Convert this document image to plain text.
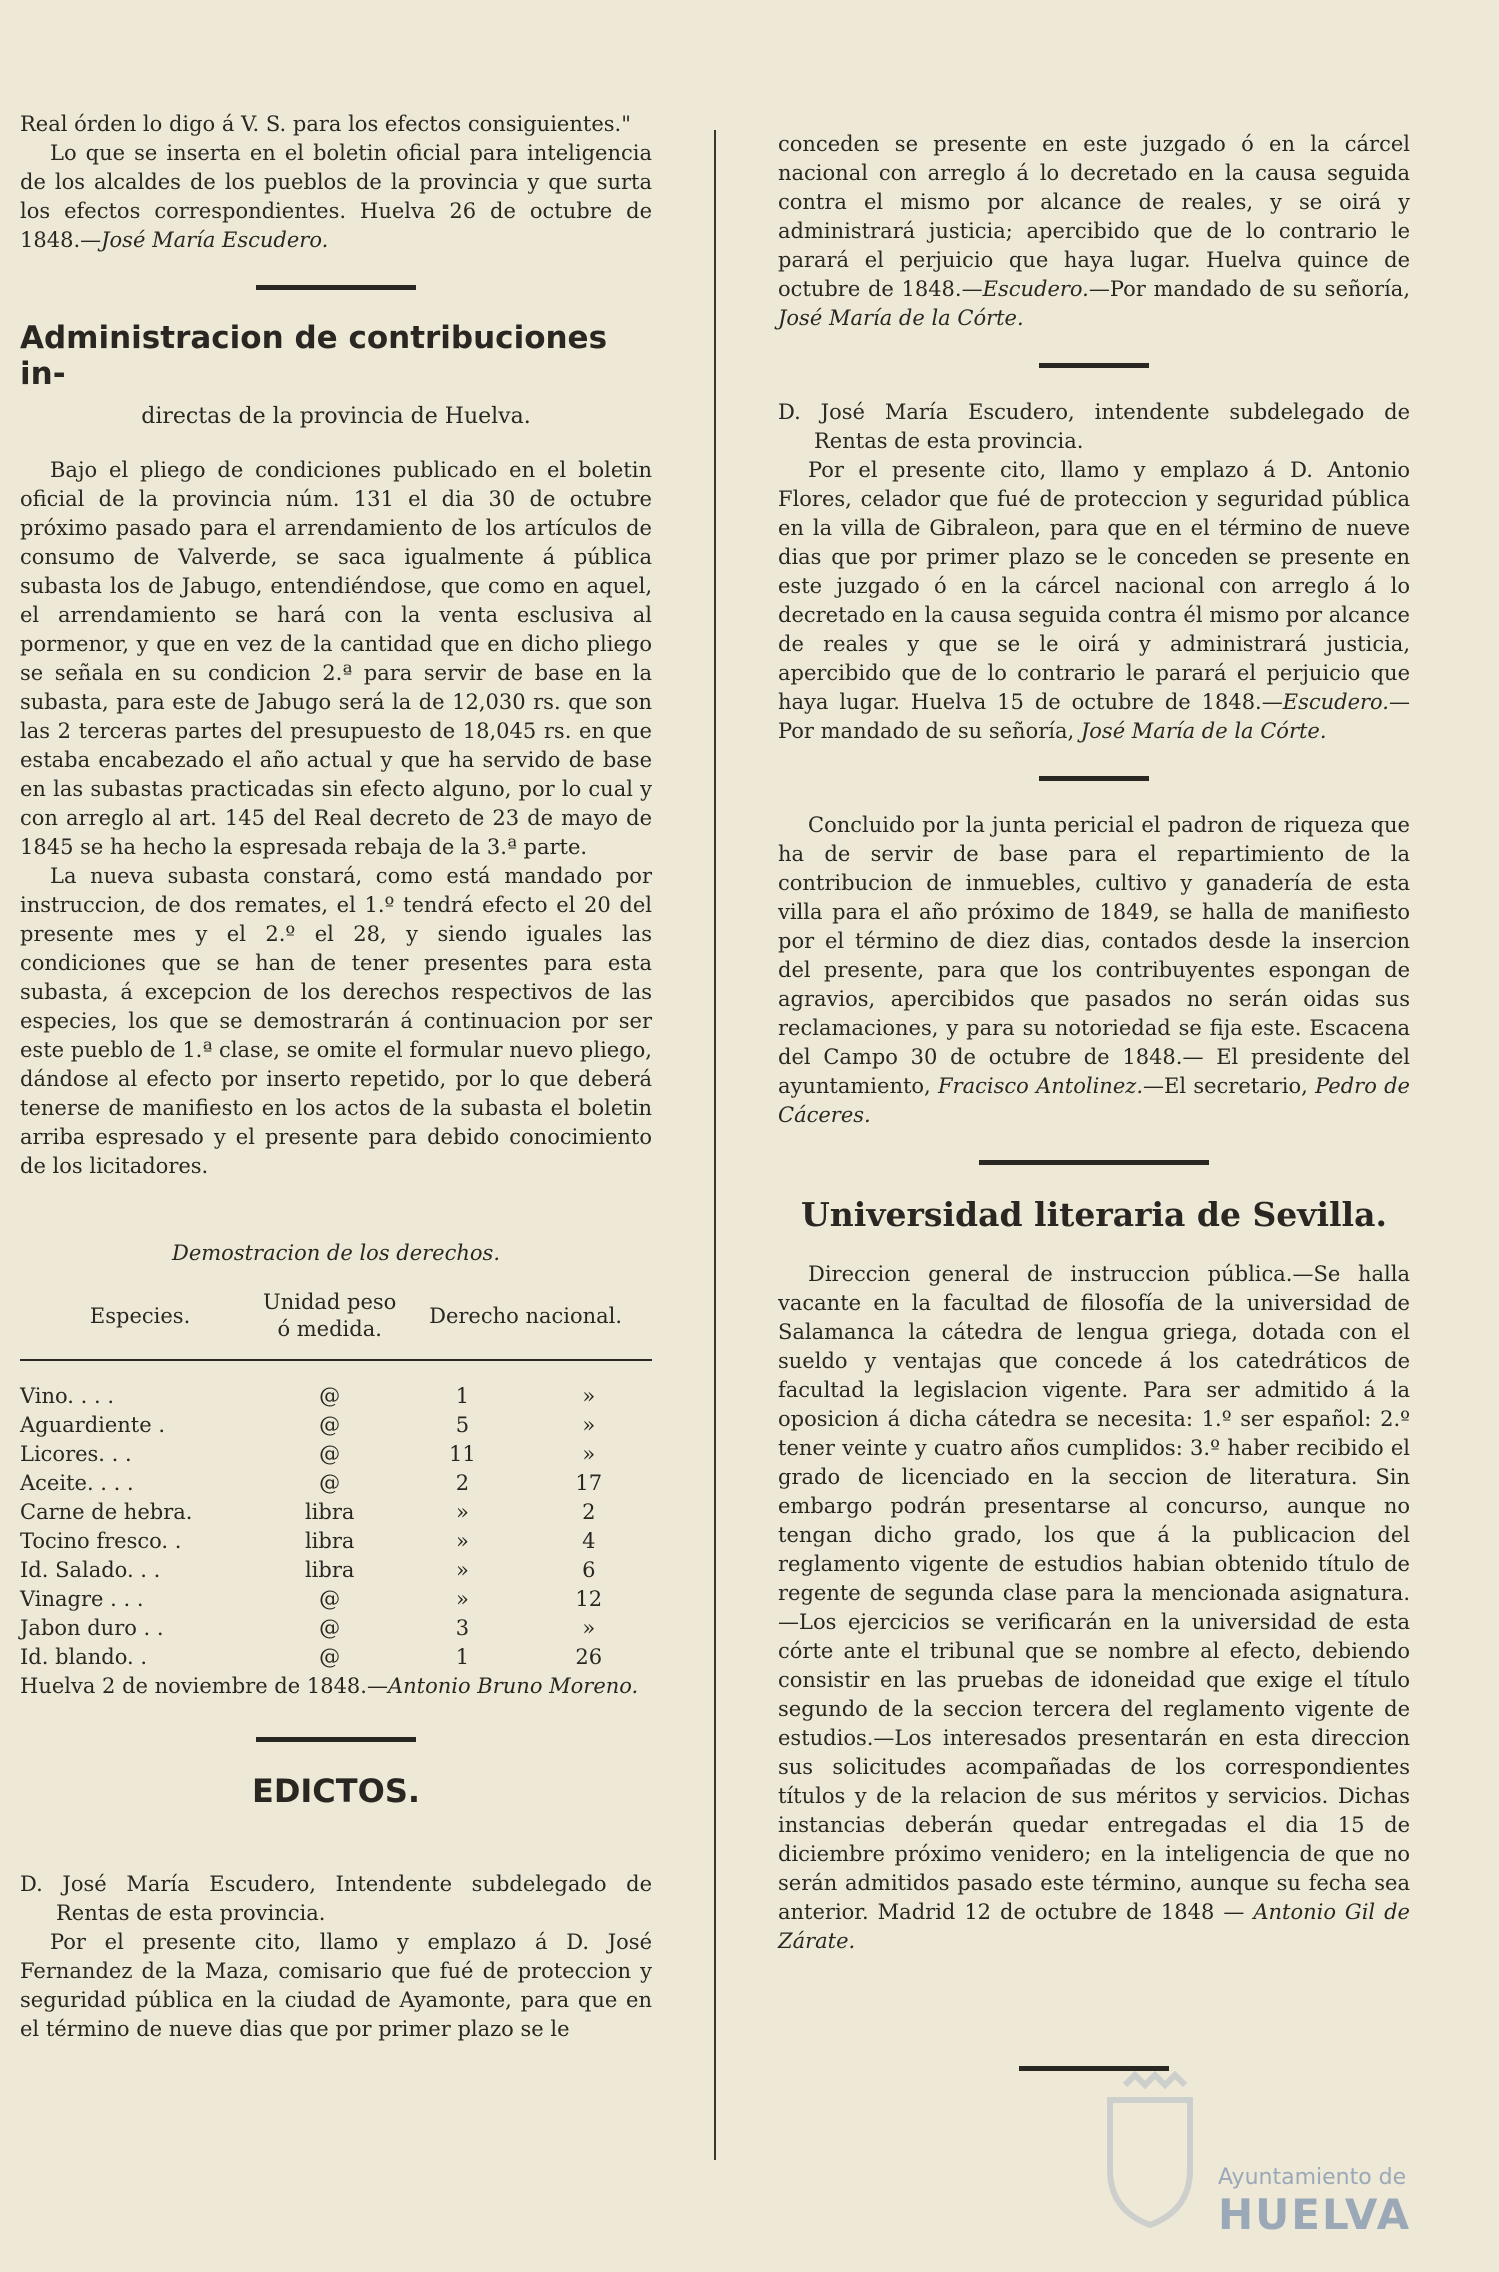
Real órden lo digo á V. S. para los efectos consiguientes."

Lo que se inserta en el boletin oficial para inteligencia de los alcaldes de los pueblos de la provincia y que surta los efectos correspondientes. Huelva 26 de octubre de 1848.—José María Escudero.

Administracion de contribuciones in-
directas de la provincia de Huelva.

Bajo el pliego de condiciones publicado en el boletin oficial de la provincia núm. 131 el dia 30 de octubre próximo pasado para el arrendamiento de los artículos de consumo de Valverde, se saca igualmente á pública subasta los de Jabugo, entendiéndose, que como en aquel, el arrendamiento se hará con la venta esclusiva al pormenor, y que en vez de la cantidad que en dicho pliego se señala en su condicion 2.ª para servir de base en la subasta, para este de Jabugo será la de 12,030 rs. que son las 2 terceras partes del presupuesto de 18,045 rs. en que estaba encabezado el año actual y que ha servido de base en las subastas practicadas sin efecto alguno, por lo cual y con arreglo al art. 145 del Real decreto de 23 de mayo de 1845 se ha hecho la espresada rebaja de la 3.ª parte.

La nueva subasta constará, como está mandado por instruccion, de dos remates, el 1.º tendrá efecto el 20 del presente mes y el 2.º el 28, y siendo iguales las condiciones que se han de tener presentes para esta subasta, á excepcion de los derechos respectivos de las especies, los que se demostrarán á continuacion por ser este pueblo de 1.ª clase, se omite el formular nuevo pliego, dándose al efecto por inserto repetido, por lo que deberá tenerse de manifiesto en los actos de la subasta el boletin arriba espresado y el presente para debido conocimiento de los licitadores.

Demostracion de los derechos.
Especies.	Unidad peso ó medida.	Derecho nacional.	

Vino. . . .	@	1	»
Aguardiente .	@	5	»
Licores. . .	@	11	»
Aceite. . . .	@	2	17
Carne de hebra.	libra	»	2
Tocino fresco. .	libra	»	4
Id. Salado. . .	libra	»	6
Vinagre . . .	@	»	12
Jabon duro . .	@	3	»
Id. blando. .	@	1	26

Huelva 2 de noviembre de 1848.—Antonio Bruno Moreno.

EDICTOS.

D. José María Escudero, Intendente subdelegado de Rentas de esta provincia.

Por el presente cito, llamo y emplazo á D. José Fernandez de la Maza, comisario que fué de proteccion y seguridad pública en la ciudad de Ayamonte, para que en el término de nueve dias que por primer plazo se le

conceden se presente en este juzgado ó en la cárcel nacional con arreglo á lo decretado en la causa seguida contra el mismo por alcance de reales, y se oirá y administrará justicia; apercibido que de lo contrario le parará el perjuicio que haya lugar. Huelva quince de octubre de 1848.—Escudero.—Por mandado de su señoría, José María de la Córte.

D. José María Escudero, intendente subdelegado de Rentas de esta provincia.

Por el presente cito, llamo y emplazo á D. Antonio Flores, celador que fué de proteccion y seguridad pública en la villa de Gibraleon, para que en el término de nueve dias que por primer plazo se le conceden se presente en este juzgado ó en la cárcel nacional con arreglo á lo decretado en la causa seguida contra él mismo por alcance de reales y que se le oirá y administrará justicia, apercibido que de lo contrario le parará el perjuicio que haya lugar. Huelva 15 de octubre de 1848.—Escudero.—Por mandado de su señoría, José María de la Córte.

Concluido por la junta pericial el padron de riqueza que ha de servir de base para el repartimiento de la contribucion de inmuebles, cultivo y ganadería de esta villa para el año próximo de 1849, se halla de manifiesto por el término de diez dias, contados desde la insercion del presente, para que los contribuyentes espongan de agravios, apercibidos que pasados no serán oidas sus reclamaciones, y para su notoriedad se fija este. Escacena del Campo 30 de octubre de 1848.— El presidente del ayuntamiento, Fracisco Antolinez.—El secretario, Pedro de Cáceres.

Universidad literaria de Sevilla.

Direccion general de instruccion pública.—Se halla vacante en la facultad de filosofía de la universidad de Salamanca la cátedra de lengua griega, dotada con el sueldo y ventajas que concede á los catedráticos de facultad la legislacion vigente. Para ser admitido á la oposicion á dicha cátedra se necesita: 1.º ser español: 2.º tener veinte y cuatro años cumplidos: 3.º haber recibido el grado de licenciado en la seccion de literatura. Sin embargo podrán presentarse al concurso, aunque no tengan dicho grado, los que á la publicacion del reglamento vigente de estudios habian obtenido título de regente de segunda clase para la mencionada asignatura.—Los ejercicios se verificarán en la universidad de esta córte ante el tribunal que se nombre al efecto, debiendo consistir en las pruebas de idoneidad que exige el título segundo de la seccion tercera del reglamento vigente de estudios.—Los interesados presentarán en esta direccion sus solicitudes acompañadas de los correspondientes títulos y de la relacion de sus méritos y servicios. Dichas instancias deberán quedar entregadas el dia 15 de diciembre próximo venidero; en la inteligencia de que no serán admitidos pasado este término, aunque su fecha sea anterior. Madrid 12 de octubre de 1848 — Antonio Gil de Zárate.

Ayuntamiento de
HUELVA
